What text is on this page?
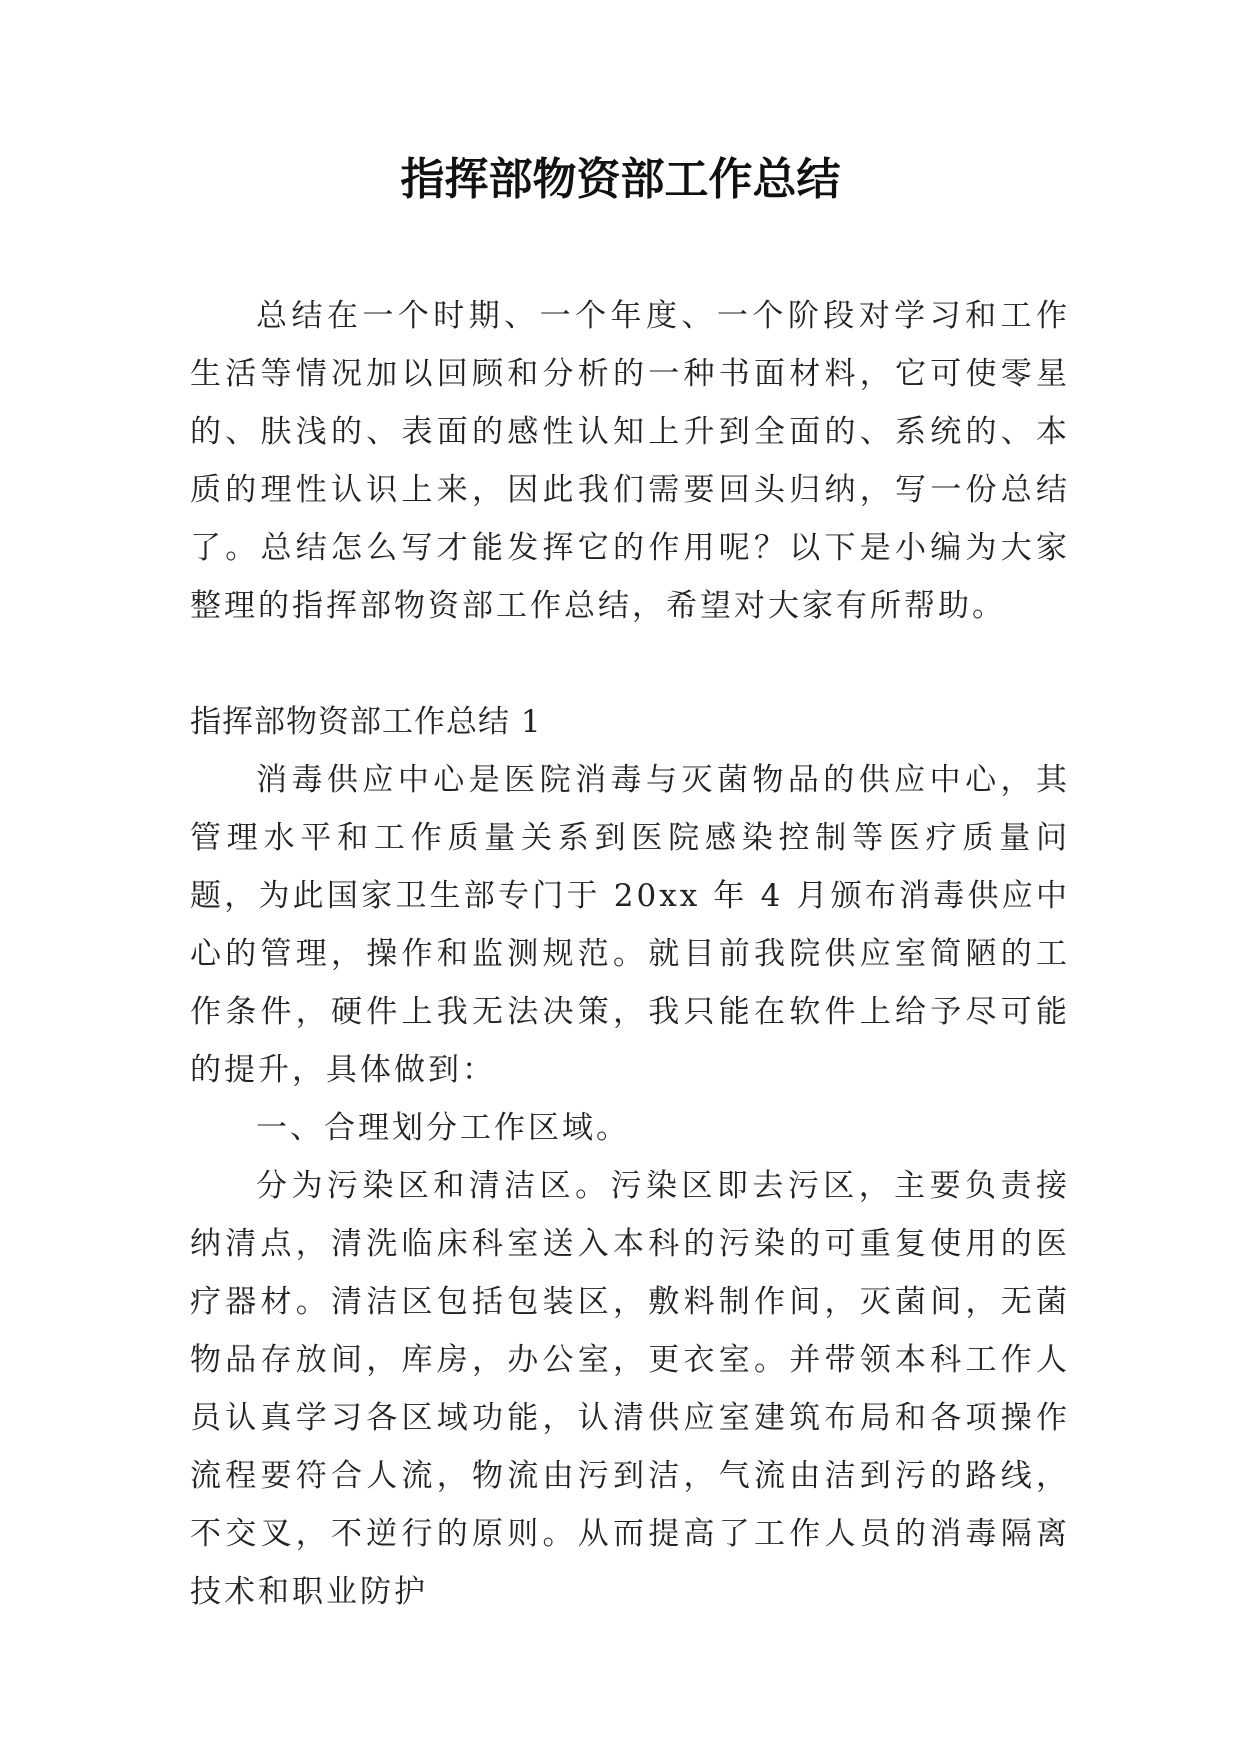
指挥部物资部工作总结

总结在一个时期、一个年度、一个阶段对学习和工作生活等情况加以回顾和分析的一种书面材料，它可使零星的、肤浅的、表面的感性认知上升到全面的、系统的、本质的理性认识上来，因此我们需要回头归纳，写一份总结了。总结怎么写才能发挥它的作用呢？以下是小编为大家整理的指挥部物资部工作总结，希望对大家有所帮助。

指挥部物资部工作总结 1

消毒供应中心是医院消毒与灭菌物品的供应中心，其管理水平和工作质量关系到医院感染控制等医疗质量问题，为此国家卫生部专门于 20xx 年 4 月颁布消毒供应中心的管理，操作和监测规范。就目前我院供应室简陋的工作条件，硬件上我无法决策，我只能在软件上给予尽可能的提升，具体做到：

一、合理划分工作区域。

分为污染区和清洁区。污染区即去污区，主要负责接纳清点，清洗临床科室送入本科的污染的可重复使用的医疗器材。清洁区包括包装区，敷料制作间，灭菌间，无菌物品存放间，库房，办公室，更衣室。并带领本科工作人员认真学习各区域功能，认清供应室建筑布局和各项操作流程要符合人流，物流由污到洁，气流由洁到污的路线，不交叉，不逆行的原则。从而提高了工作人员的消毒隔离技术和职业防护
